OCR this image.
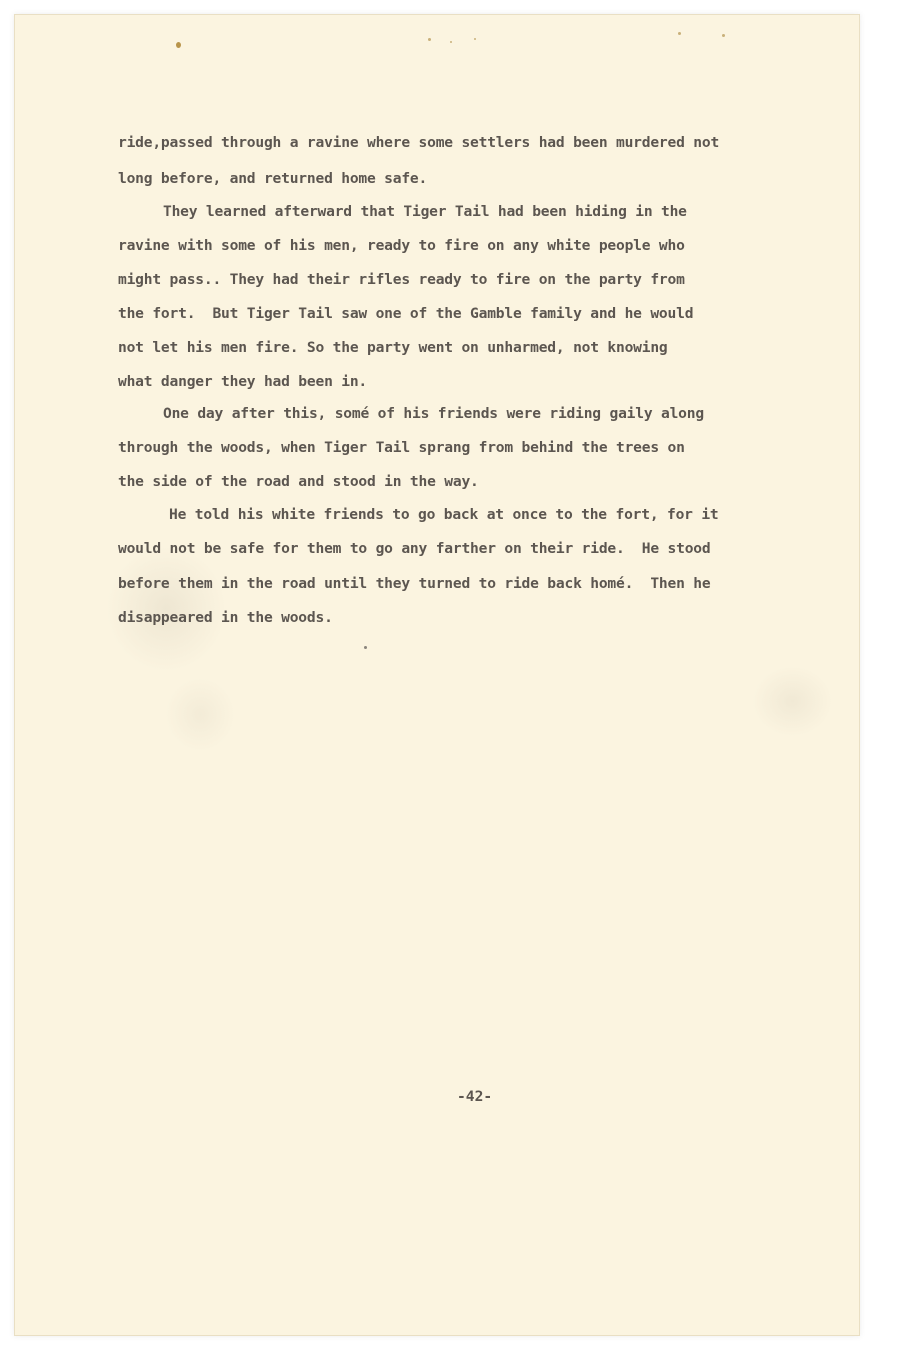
ride,passed through a ravine where some settlers had been murdered not
long before, and returned home safe.
They learned afterward that Tiger Tail had been hiding in the
ravine with some of his men, ready to fire on any white people who
might pass.. They had their rifles ready to fire on the party from
the fort.  But Tiger Tail saw one of the Gamble family and he would
not let his men fire. So the party went on unharmed, not knowing
what danger they had been in.
One day after this, somé of his friends were riding gaily along
through the woods, when Tiger Tail sprang from behind the trees on
the side of the road and stood in the way.
He told his white friends to go back at once to the fort, for it
would not be safe for them to go any farther on their ride.  He stood
before them in the road until they turned to ride back homé.  Then he
disappeared in the woods.
-42-
